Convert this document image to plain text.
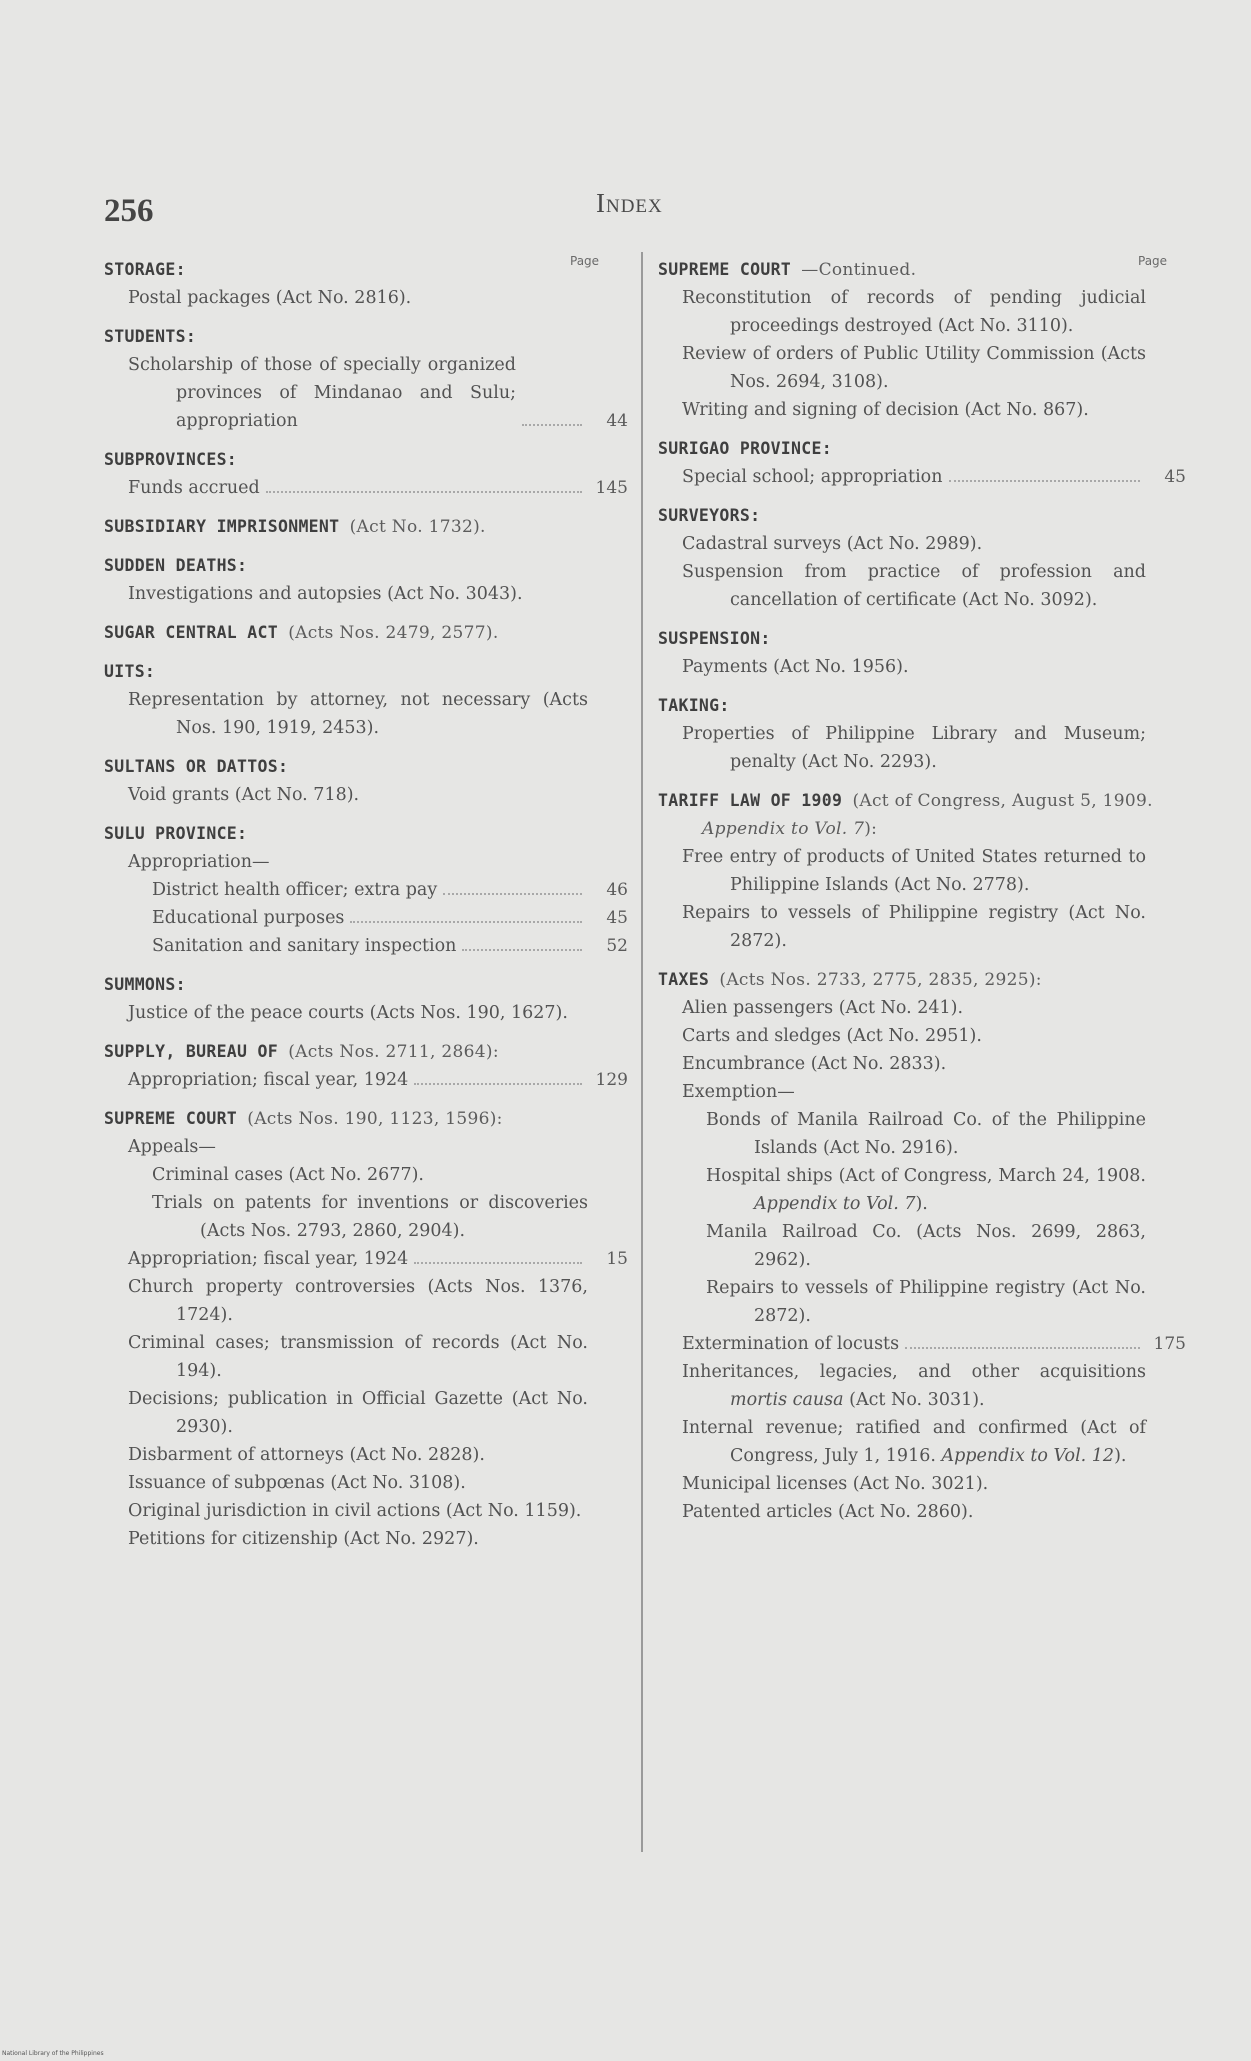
256	Index
Page
STORAGE:
Postal packages (Act No. 2816).
STUDENTS:
Scholarship of those of specially organized provinces of Mindanao and Sulu; appropriation	44
SUBPROVINCES:
Funds accrued	145
SUBSIDIARY IMPRISONMENT (Act No. 1732).
SUDDEN DEATHS:
Investigations and autopsies (Act No. 3043).
SUGAR CENTRAL ACT (Acts Nos. 2479, 2577).
UITS:
Representation by attorney, not necessary (Acts Nos. 190, 1919, 2453).
SULTANS OR DATTOS:
Void grants (Act No. 718).
SULU PROVINCE:
Appropriation—
District health officer; extra pay	46
Educational purposes	45
Sanitation and sanitary inspection	52
SUMMONS:
Justice of the peace courts (Acts Nos. 190, 1627).
SUPPLY, BUREAU OF (Acts Nos. 2711, 2864):
Appropriation; fiscal year, 1924	129
SUPREME COURT (Acts Nos. 190, 1123, 1596):
Appeals—
Criminal cases (Act No. 2677).
Trials on patents for inventions or discoveries (Acts Nos. 2793, 2860, 2904).
Appropriation; fiscal year, 1924	15
Church property controversies (Acts Nos. 1376, 1724).
Criminal cases; transmission of records (Act No. 194).
Decisions; publication in Official Gazette (Act No. 2930).
Disbarment of attorneys (Act No. 2828).
Issuance of subpœnas (Act No. 3108).
Original jurisdiction in civil actions (Act No. 1159).
Petitions for citizenship (Act No. 2927).
Page
SUPREME COURT —Continued.
Reconstitution of records of pending judicial proceedings destroyed (Act No. 3110).
Review of orders of Public Utility Commission (Acts Nos. 2694, 3108).
Writing and signing of decision (Act No. 867).
SURIGAO PROVINCE:
Special school; appropriation	45
SURVEYORS:
Cadastral surveys (Act No. 2989).
Suspension from practice of profession and cancellation of certificate (Act No. 3092).
SUSPENSION:
Payments (Act No. 1956).
TAKING:
Properties of Philippine Library and Museum; penalty (Act No. 2293).
TARIFF LAW OF 1909 (Act of Congress, August 5, 1909. Appendix to Vol. 7):
Free entry of products of United States returned to Philippine Islands (Act No. 2778).
Repairs to vessels of Philippine registry (Act No. 2872).
TAXES (Acts Nos. 2733, 2775, 2835, 2925):
Alien passengers (Act No. 241).
Carts and sledges (Act No. 2951).
Encumbrance (Act No. 2833).
Exemption—
Bonds of Manila Railroad Co. of the Philippine Islands (Act No. 2916).
Hospital ships (Act of Congress, March 24, 1908. Appendix to Vol. 7).
Manila Railroad Co. (Acts Nos. 2699, 2863, 2962).
Repairs to vessels of Philippine registry (Act No. 2872).
Extermination of locusts	175
Inheritances, legacies, and other acquisitions mortis causa (Act No. 3031).
Internal revenue; ratified and confirmed (Act of Congress, July 1, 1916. Appendix to Vol. 12).
Municipal licenses (Act No. 3021).
Patented articles (Act No. 2860).
National Library of the Philippines
